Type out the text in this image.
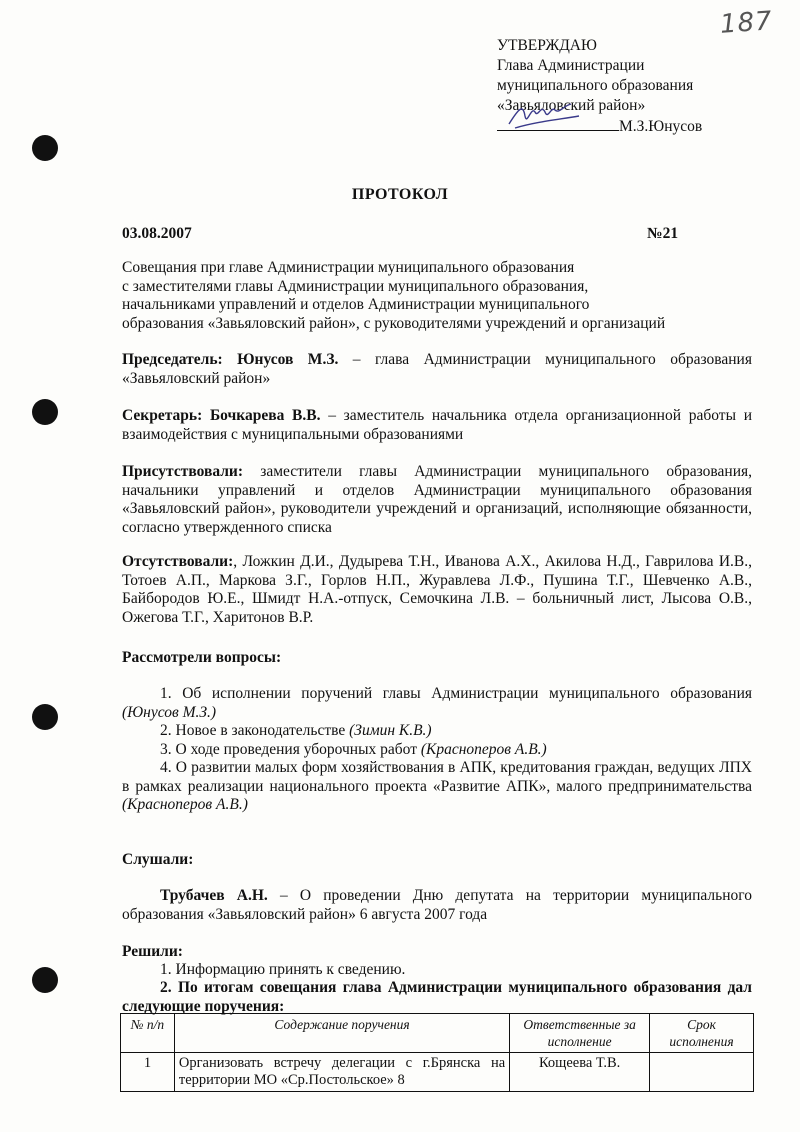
187
УТВЕРЖДАЮ
Глава Администрации
муниципального образования
«Завьяловский район»
М.З.Юнусов
ПРОТОКОЛ
03.08.2007	№21
Совещания при главе Администрации муниципального образования
с заместителями главы Администрации муниципального образования,
начальниками управлений и отделов Администрации муниципального
образования «Завьяловский район», с руководителями учреждений и организаций
Председатель: Юнусов М.З. – глава Администрации муниципального образования «Завьяловский район»
Секретарь: Бочкарева В.В. – заместитель начальника отдела организационной работы и взаимодействия с муниципальными образованиями
Присутствовали: заместители главы Администрации муниципального образования, начальники управлений и отделов Администрации муниципального образования «Завьяловский район», руководители учреждений и организаций, исполняющие обязанности, согласно утвержденного списка
Отсутствовали:, Ложкин Д.И., Дудырева Т.Н., Иванова А.Х., Акилова Н.Д., Гаврилова И.В., Тотоев А.П., Маркова З.Г., Горлов Н.П., Журавлева Л.Ф., Пушина Т.Г., Шевченко А.В., Байбородов Ю.Е., Шмидт Н.А.-отпуск, Семочкина Л.В. – больничный лист, Лысова О.В., Ожегова Т.Г., Харитонов В.Р.
Рассмотрели вопросы:
1. Об исполнении поручений главы Администрации муниципального образования (Юнусов М.З.)
2. Новое в законодательстве (Зимин К.В.)
3. О ходе проведения уборочных работ (Красноперов А.В.)
4. О развитии малых форм хозяйствования в АПК, кредитования граждан, ведущих ЛПХ в рамках реализации национального проекта «Развитие АПК», малого предпринимательства (Красноперов А.В.)
Слушали:
Трубачев А.Н. – О проведении Дню депутата на территории муниципального образования «Завьяловский район» 6 августа 2007 года
Решили:
1. Информацию принять к сведению.
2. По итогам совещания глава Администрации муниципального образования дал следующие поручения:
№ п/п	Содержание поручения	Ответственные за исполнение	Срок исполнения
1	Организовать встречу делегации с г.Брянска на территории МО «Ср.Постольское» 8	Кощеева Т.В.	
